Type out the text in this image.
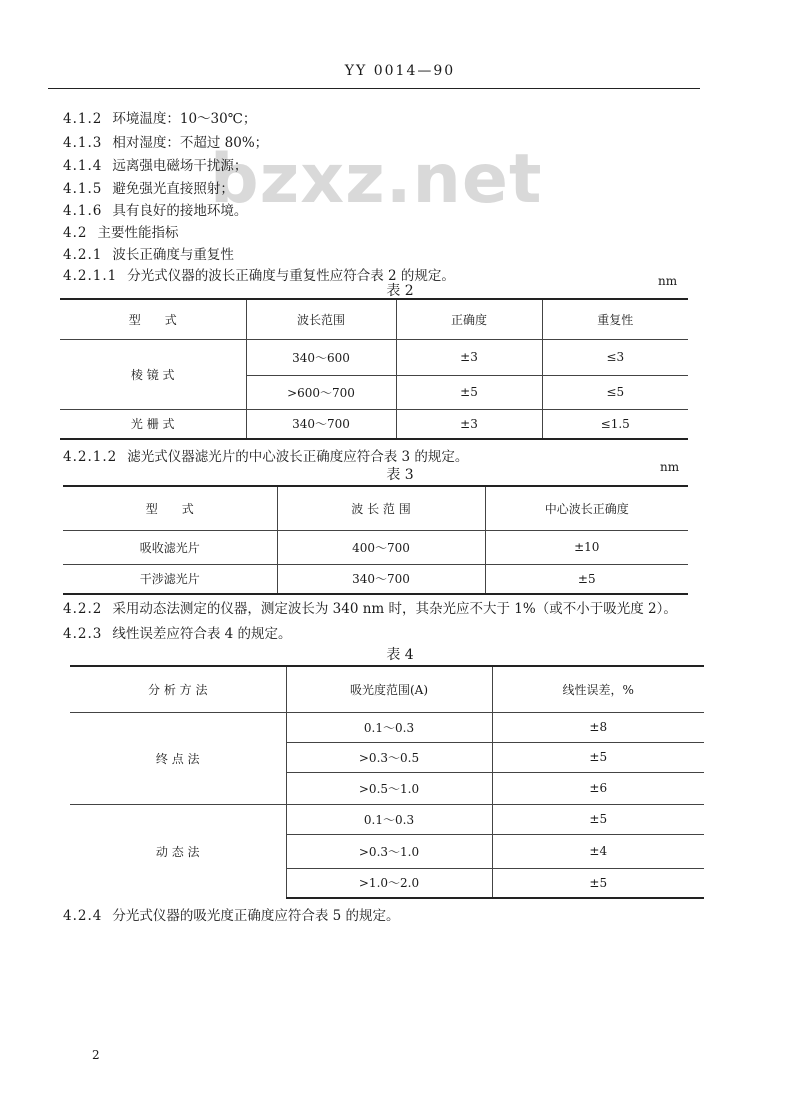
YY 0014—90
bzxz.net
4.1.2 环境温度：10～30℃；
4.1.3 相对湿度：不超过 80%；
4.1.4 远离强电磁场干扰源；
4.1.5 避免强光直接照射；
4.1.6 具有良好的接地环境。
4.2 主要性能指标
4.2.1 波长正确度与重复性
4.2.1.1 分光式仪器的波长正确度与重复性应符合表 2 的规定。
表 2
nm
型　　式	波长范围	正确度	重复性
棱 镜 式	340～600	±3	≤3
	>600～700	±5	≤5
光 栅 式	340～700	±3	≤1.5
4.2.1.2 滤光式仪器滤光片的中心波长正确度应符合表 3 的规定。
表 3	nm
型　　式	波 长 范 围	中心波长正确度
吸收滤光片	400～700	±10
干涉滤光片	340～700	±5
4.2.2 采用动态法测定的仪器，测定波长为 340 nm 时，其杂光应不大于 1%（或不小于吸光度 2）。
4.2.3 线性误差应符合表 4 的规定。
表 4
分 析 方 法	吸光度范围(A)	线性误差，%
终 点 法	0.1～0.3	±8
	>0.3～0.5	±5
	>0.5～1.0	±6
动 态 法	0.1～0.3	±5
	>0.3～1.0	±4
	>1.0～2.0	±5
4.2.4 分光式仪器的吸光度正确度应符合表 5 的规定。
2
